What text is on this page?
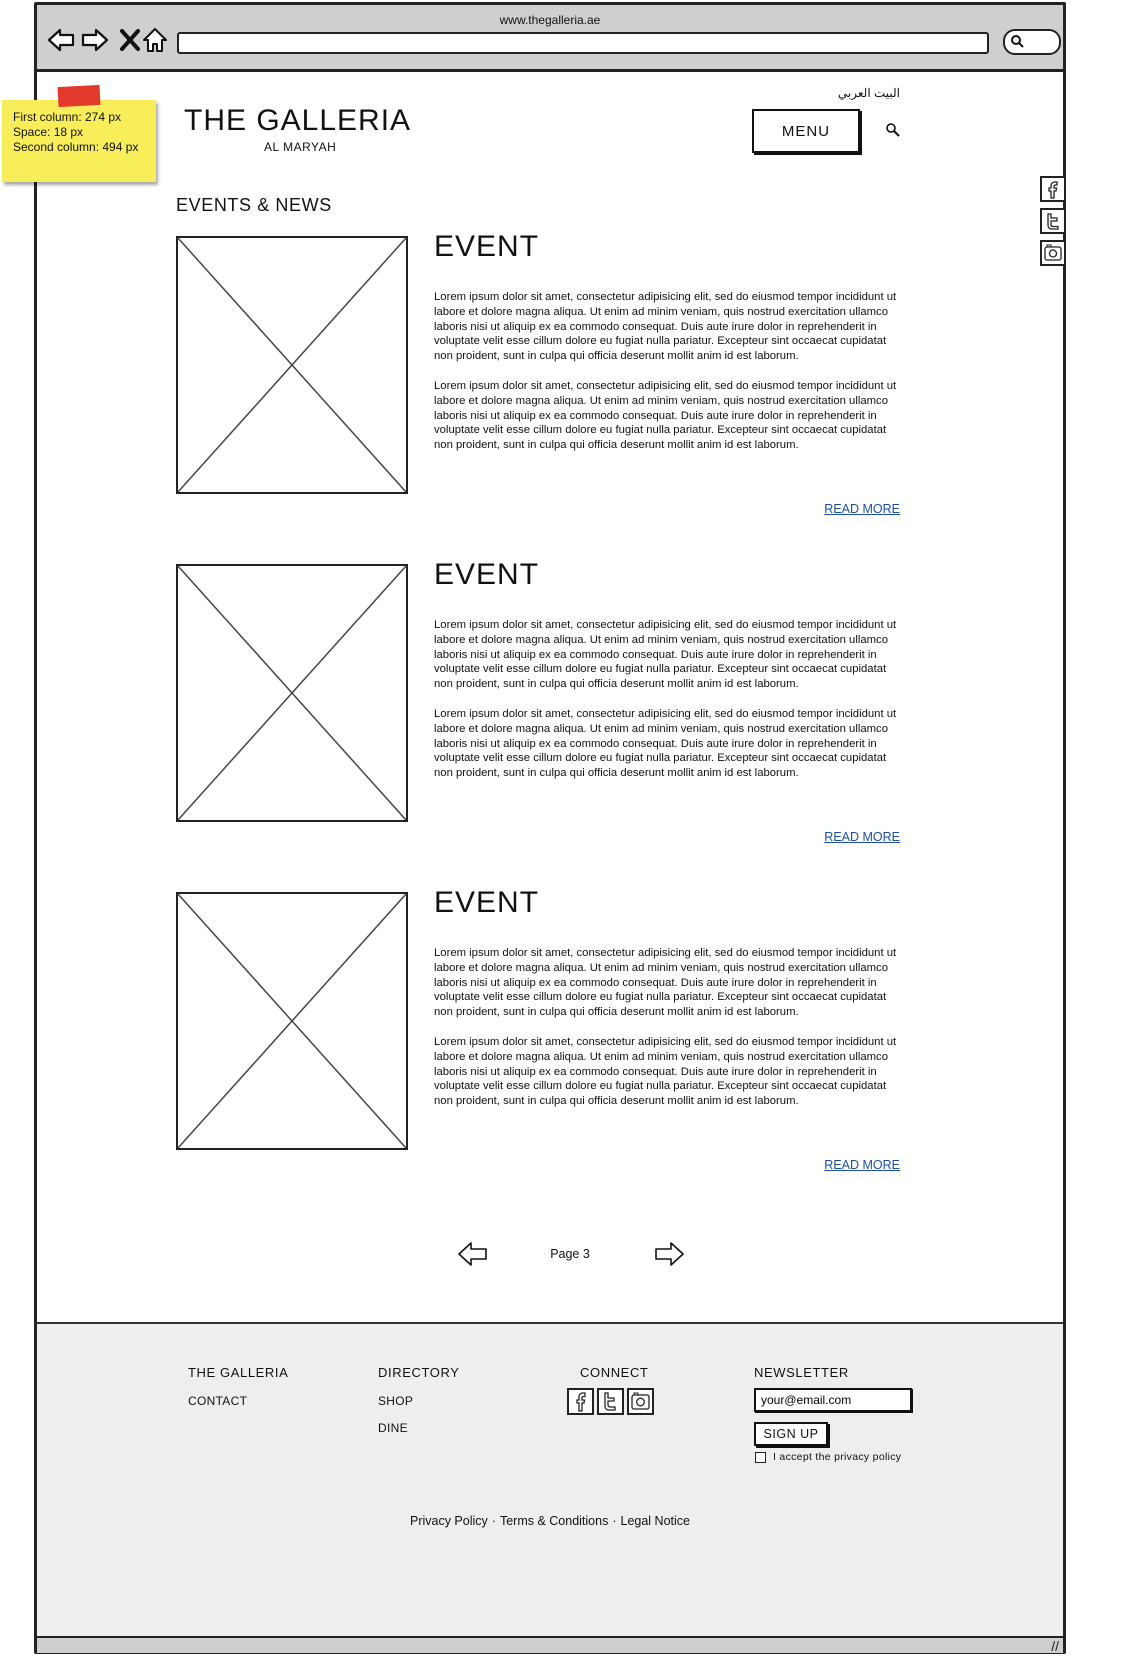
www.thegalleria.ae
First column: 274 px
Space: 18 px
Second column: 494 px
THE GALLERIA
AL MARYAH
البيت العربي
MENU
EVENTS & NEWS
EVENT

Lorem ipsum dolor sit amet, consectetur adipisicing elit, sed do eiusmod tempor incididunt ut labore et dolore magna aliqua. Ut enim ad minim veniam, quis nostrud exercitation ullamco laboris nisi ut aliquip ex ea commodo consequat. Duis aute irure dolor in reprehenderit in voluptate velit esse cillum dolore eu fugiat nulla pariatur. Excepteur sint occaecat cupidatat non proident, sunt in culpa qui officia deserunt mollit anim id est laborum.

Lorem ipsum dolor sit amet, consectetur adipisicing elit, sed do eiusmod tempor incididunt ut labore et dolore magna aliqua. Ut enim ad minim veniam, quis nostrud exercitation ullamco laboris nisi ut aliquip ex ea commodo consequat. Duis aute irure dolor in reprehenderit in voluptate velit esse cillum dolore eu fugiat nulla pariatur. Excepteur sint occaecat cupidatat non proident, sunt in culpa qui officia deserunt mollit anim id est laborum.

READ MORE
EVENT

Lorem ipsum dolor sit amet, consectetur adipisicing elit, sed do eiusmod tempor incididunt ut labore et dolore magna aliqua. Ut enim ad minim veniam, quis nostrud exercitation ullamco laboris nisi ut aliquip ex ea commodo consequat. Duis aute irure dolor in reprehenderit in voluptate velit esse cillum dolore eu fugiat nulla pariatur. Excepteur sint occaecat cupidatat non proident, sunt in culpa qui officia deserunt mollit anim id est laborum.

Lorem ipsum dolor sit amet, consectetur adipisicing elit, sed do eiusmod tempor incididunt ut labore et dolore magna aliqua. Ut enim ad minim veniam, quis nostrud exercitation ullamco laboris nisi ut aliquip ex ea commodo consequat. Duis aute irure dolor in reprehenderit in voluptate velit esse cillum dolore eu fugiat nulla pariatur. Excepteur sint occaecat cupidatat non proident, sunt in culpa qui officia deserunt mollit anim id est laborum.

READ MORE
EVENT

Lorem ipsum dolor sit amet, consectetur adipisicing elit, sed do eiusmod tempor incididunt ut labore et dolore magna aliqua. Ut enim ad minim veniam, quis nostrud exercitation ullamco laboris nisi ut aliquip ex ea commodo consequat. Duis aute irure dolor in reprehenderit in voluptate velit esse cillum dolore eu fugiat nulla pariatur. Excepteur sint occaecat cupidatat non proident, sunt in culpa qui officia deserunt mollit anim id est laborum.

Lorem ipsum dolor sit amet, consectetur adipisicing elit, sed do eiusmod tempor incididunt ut labore et dolore magna aliqua. Ut enim ad minim veniam, quis nostrud exercitation ullamco laboris nisi ut aliquip ex ea commodo consequat. Duis aute irure dolor in reprehenderit in voluptate velit esse cillum dolore eu fugiat nulla pariatur. Excepteur sint occaecat cupidatat non proident, sunt in culpa qui officia deserunt mollit anim id est laborum.

READ MORE
Page 3
THE GALLERIA
CONTACT
DIRECTORY
SHOP
DINE
CONNECT	NEWSLETTER
your@email.com
SIGN UP
I accept the privacy policy
Privacy Policy · Terms & Conditions · Legal Notice
//
